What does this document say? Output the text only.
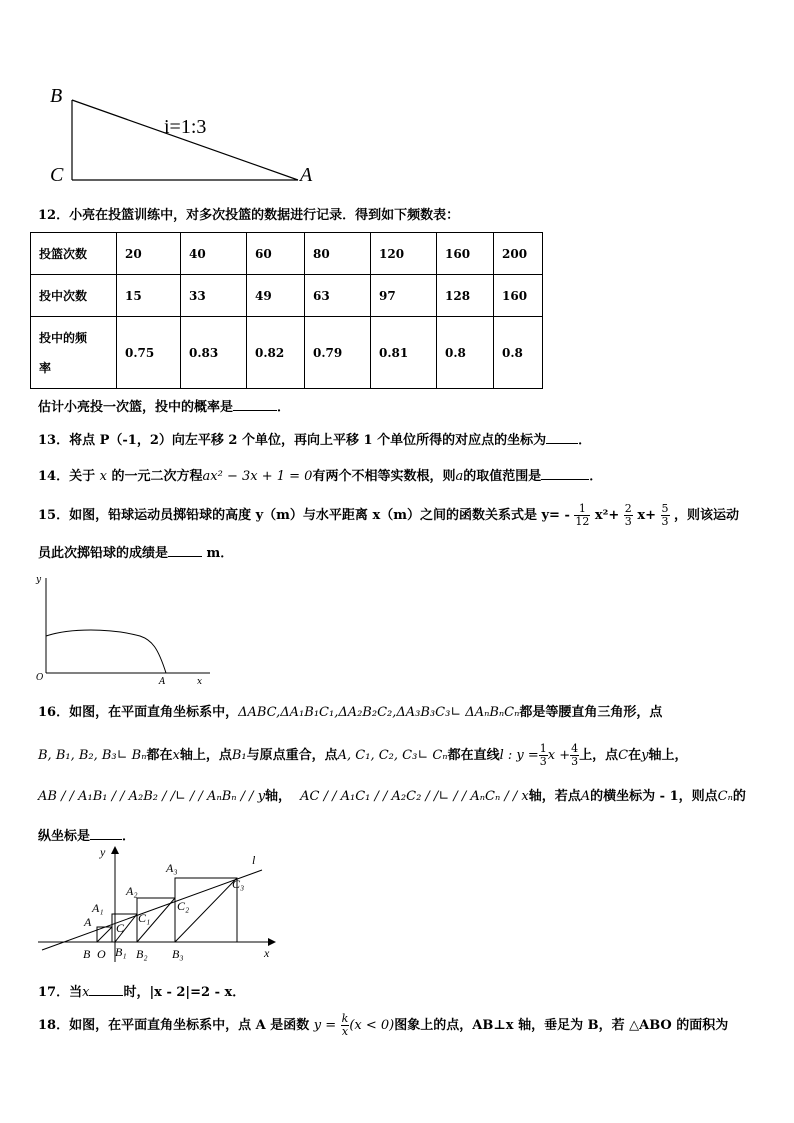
B
C	A
i=1:3
12．小亮在投篮训练中，对多次投篮的数据进行记录．得到如下频数表：
投篮次数	20	40	60	80	120	160	200
投中次数	15	33	49	63	97	128	160

投中的频
率	0.75	0.83	0.82	0.79	0.81	0.8	0.8
估计小亮投一次篮，投中的概率是	．
13．将点 P（-1，2）向左平移 2 个单位，再向上平移 1 个单位所得的对应点的坐标为 ．
14．关于 x 的一元二次方程ax² − 3x + 1 = 0有两个不相等实数根，则a的取值范围是	．
15．如图，铅球运动员掷铅球的高度 y（m）与水平距离 x（m）之间的函数关系式是 $y= - \frac{1}{12} x^2+ \frac{2}{3} x+ \frac{5}{3}$ ，则该运动
员此次掷铅球的成绩是	m．
y
O	A	x
16．如图，在平面直角坐标系中，ΔABC,ΔA₁B₁C₁,ΔA₂B₂C₂,ΔA₃B₃C₃∟ ΔAₙBₙCₙ都是等腰直角三角形，点
B, B₁, B₂, B₃∟ Bₙ都在x轴上，点B₁与原点重合，点A, C₁, C₂, C₃∟ Cₙ都在直线l : $y = \frac{1}{3}$ $x + \frac{4}{3}$ 上，点C在y轴上，
AB / / A₁B₁ / / A₂B₂ / /∟ / / AₙBₙ / / y轴， AC / / A₁C₁ / / A₂C₂ / /∟ / / AₙCₙ / / x轴，若点A的横坐标为 - 1，则点Cₙ的
纵坐标是 ．
y
l
x
A
A₁
A₂
A₃
C
C₁
C₂
C₃
B O B₁ B₂ B₃
17．当x	时，|x - 2|=2 - x．
18．如图，在平面直角坐标系中，点 A 是函数 $y = \frac{k}{x} (x < 0)$图象上的点，AB⊥x 轴，垂足为 B，若 △ABO 的面积为
